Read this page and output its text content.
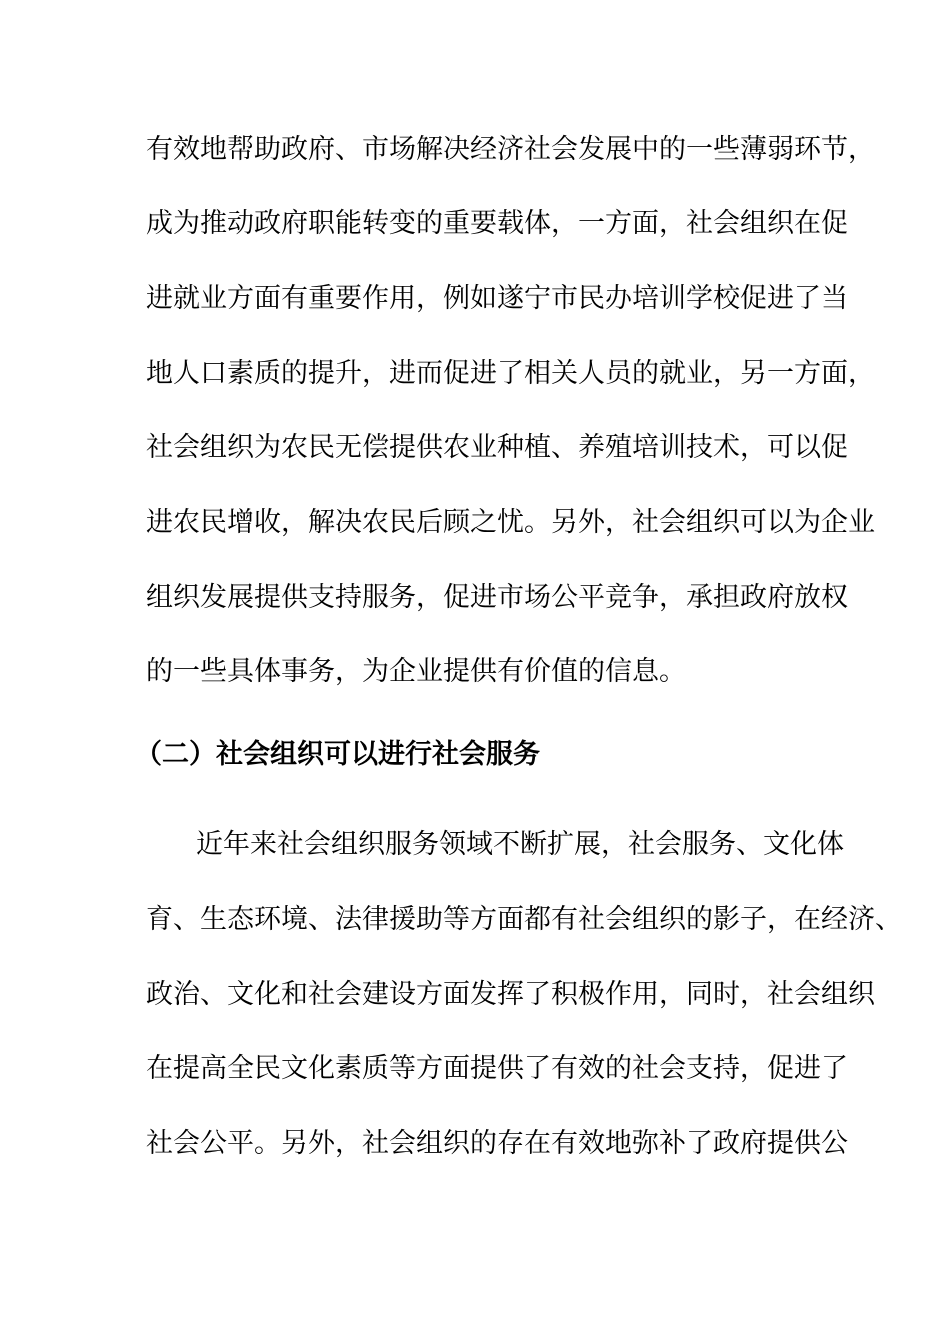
有效地帮助政府、市场解决经济社会发展中的一些薄弱环节，
成为推动政府职能转变的重要载体，一方面，社会组织在促
进就业方面有重要作用，例如遂宁市民办培训学校促进了当
地人口素质的提升，进而促进了相关人员的就业，另一方面，
社会组织为农民无偿提供农业种植、养殖培训技术，可以促
进农民增收，解决农民后顾之忧。另外，社会组织可以为企业
组织发展提供支持服务，促进市场公平竞争，承担政府放权
的一些具体事务，为企业提供有价值的信息。
（二）社会组织可以进行社会服务
近年来社会组织服务领域不断扩展，社会服务、文化体
育、生态环境、法律援助等方面都有社会组织的影子，在经济、
政治、文化和社会建设方面发挥了积极作用，同时，社会组织
在提高全民文化素质等方面提供了有效的社会支持，促进了
社会公平。另外，社会组织的存在有效地弥补了政府提供公
